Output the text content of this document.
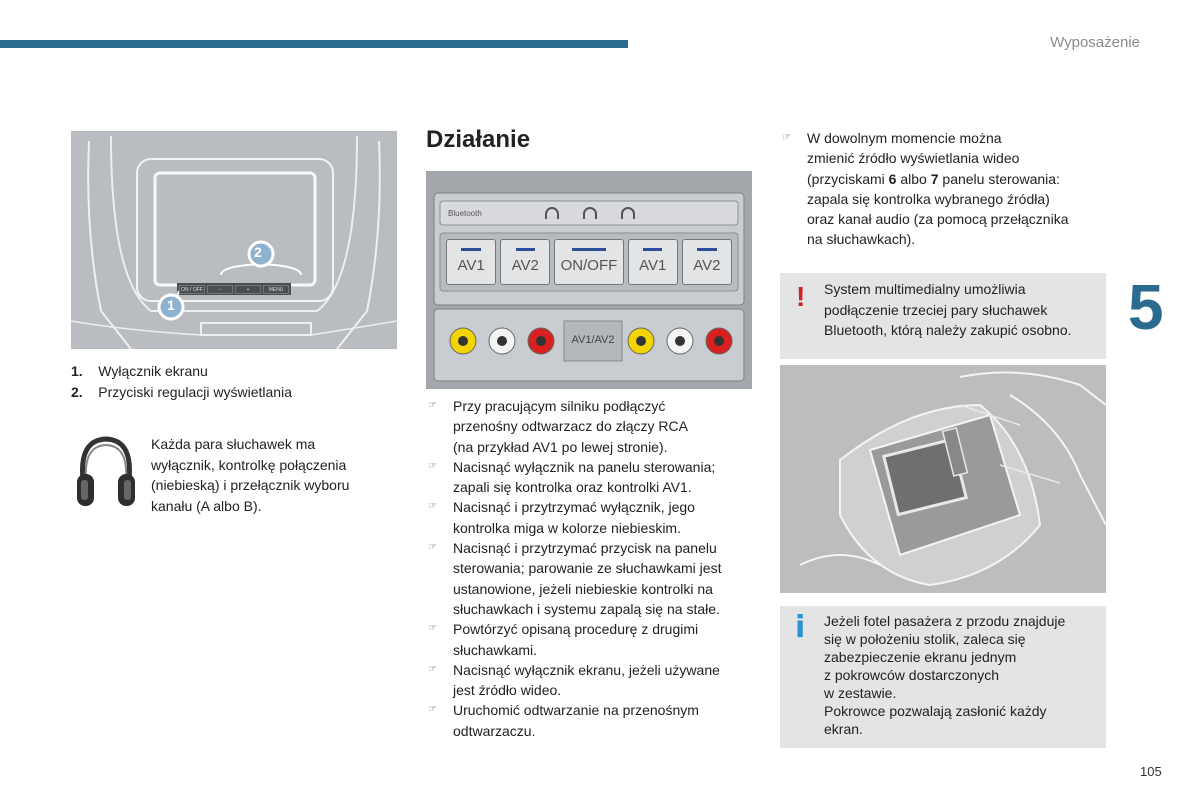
Wyposażenie
5
105
2
1
ON / OFF	−	+	MENU
1. Wyłącznik ekranu
2. Przyciski regulacji wyświetlania
Każda para słuchawek ma
wyłącznik, kontrolkę połączenia
(niebieską) i przełącznik wyboru
kanału (A albo B).
Działanie
Bluetooth
AV1	AV2	ON/OFF	AV1	AV2
AV1/AV2
☞ Przy pracującym silniku podłączyć
przenośny odtwarzacz do złączy RCA
(na przykład AV1 po lewej stronie).
☞ Nacisnąć wyłącznik na panelu sterowania;
zapali się kontrolka oraz kontrolki AV1.
☞ Nacisnąć i przytrzymać wyłącznik, jego
kontrolka miga w kolorze niebieskim.
☞ Nacisnąć i przytrzymać przycisk na panelu
sterowania; parowanie ze słuchawkami jest
ustanowione, jeżeli niebieskie kontrolki na
słuchawkach i systemu zapalą się na stałe.
☞ Powtórzyć opisaną procedurę z drugimi
słuchawkami.
☞ Nacisnąć wyłącznik ekranu, jeżeli używane
jest źródło wideo.
☞ Uruchomić odtwarzanie na przenośnym
odtwarzaczu.
☞ W dowolnym momencie można
zmienić źródło wyświetlania wideo
(przyciskami 6 albo 7 panelu sterowania:
zapala się kontrolka wybranego źródła)
oraz kanał audio (za pomocą przełącznika
na słuchawkach).
! System multimedialny umożliwia
podłączenie trzeciej pary słuchawek
Bluetooth, którą należy zakupić osobno.
i Jeżeli fotel pasażera z przodu znajduje
się w położeniu stolik, zaleca się
zabezpieczenie ekranu jednym
z pokrowców dostarczonych
w zestawie.
Pokrowce pozwalają zasłonić każdy
ekran.
